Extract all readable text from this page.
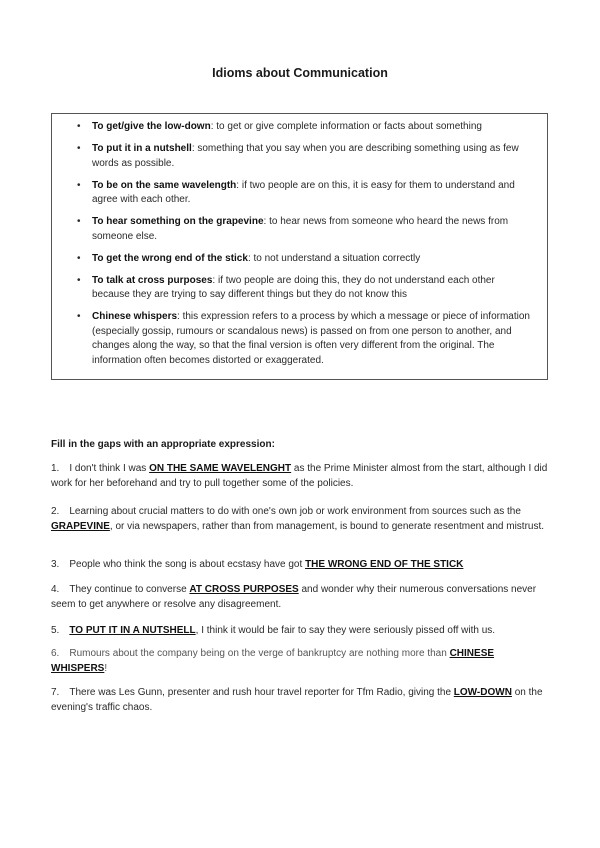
Idioms about Communication
• To get/give the low-down: to get or give complete information or facts about something
• To put it in a nutshell: something that you say when you are describing something using as few words as possible.
• To be on the same wavelength: if two people are on this, it is easy for them to understand and agree with each other.
• To hear something on the grapevine: to hear news from someone who heard the news from someone else.
• To get the wrong end of the stick: to not understand a situation correctly
• To talk at cross purposes: if two people are doing this, they do not understand each other because they are trying to say different things but they do not know this
• Chinese whispers: this expression refers to a process by which a message or piece of information (especially gossip, rumours or scandalous news) is passed on from one person to another, and changes along the way, so that the final version is often very different from the original. The information often becomes distorted or exaggerated.
Fill in the gaps with an appropriate expression:
1. I don't think I was ON THE SAME WAVELENGHT as the Prime Minister almost from the start, although I did work for her beforehand and try to pull together some of the policies.
2. Learning about crucial matters to do with one's own job or work environment from sources such as the GRAPEVINE, or via newspapers, rather than from management, is bound to generate resentment and mistrust.
3. People who think the song is about ecstasy have got THE WRONG END OF THE STICK
4. They continue to converse AT CROSS PURPOSES and wonder why their numerous conversations never seem to get anywhere or resolve any disagreement.
5. TO PUT IT IN A NUTSHELL, I think it would be fair to say they were seriously pissed off with us.
6. Rumours about the company being on the verge of bankruptcy are nothing more than CHINESE WHISPERS!
7. There was Les Gunn, presenter and rush hour travel reporter for Tfm Radio, giving the LOW-DOWN on the evening's traffic chaos.
